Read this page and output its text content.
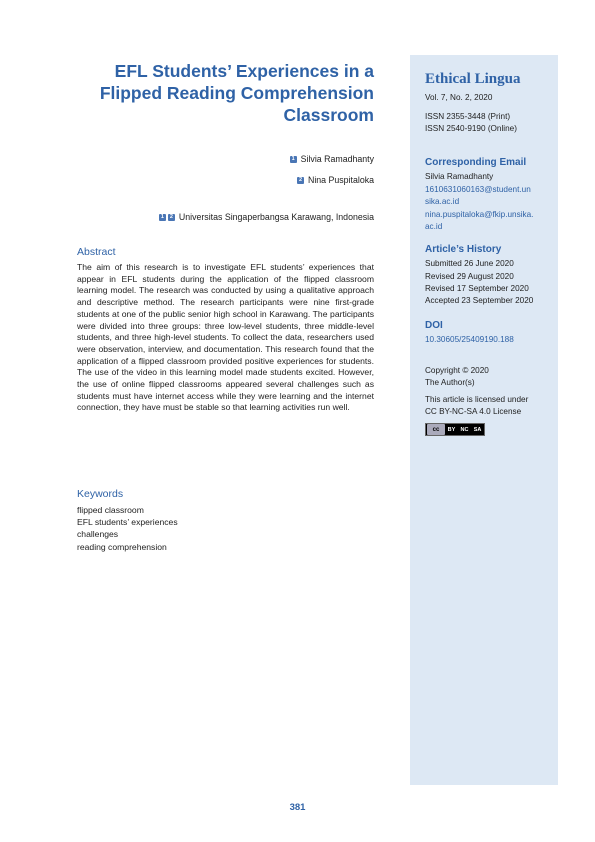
EFL Students’ Experiences in a
Flipped Reading Comprehension
Classroom
1 Silvia Ramadhanty
2 Nina Puspitaloka
1	2 Universitas Singaperbangsa Karawang, Indonesia
Abstract
The aim of this research is to investigate EFL students’ experiences that appear in EFL students during the application of the flipped classroom learning model. The research was conducted by using a qualitative approach and descriptive method. The research participants were nine first-grade students at one of the public senior high school in Karawang. The participants were divided into three groups: three low-level students, three middle-level students, and three high-level students. To collect the data, researchers used were observation, interview, and documentation. This research found that the application of a flipped classroom provided positive experiences for students. The use of the video in this learning model made students excited. However, the use of online flipped classrooms appeared several challenges such as students must have internet access while they were learning and the internet connection, they have must be stable so that learning activities run well.
Keywords
flipped classroom
EFL students’ experiences
challenges
reading comprehension
Ethical Lingua
Vol. 7, No. 2, 2020
ISSN 2355-3448 (Print)
ISSN 2540-9190 (Online)
Corresponding Email
Silvia Ramadhanty
1610631060163@student.un
sika.ac.id
nina.puspitaloka@fkip.unsika.
ac.id
Article’s History
Submitted 26 June 2020
Revised 29 August 2020
Revised 17 September 2020
Accepted 23 September 2020
DOI
10.30605/25409190.188
Copyright © 2020
The Author(s)
This article is licensed under
CC BY-NC-SA 4.0 License
cc	BY NC SA
381
